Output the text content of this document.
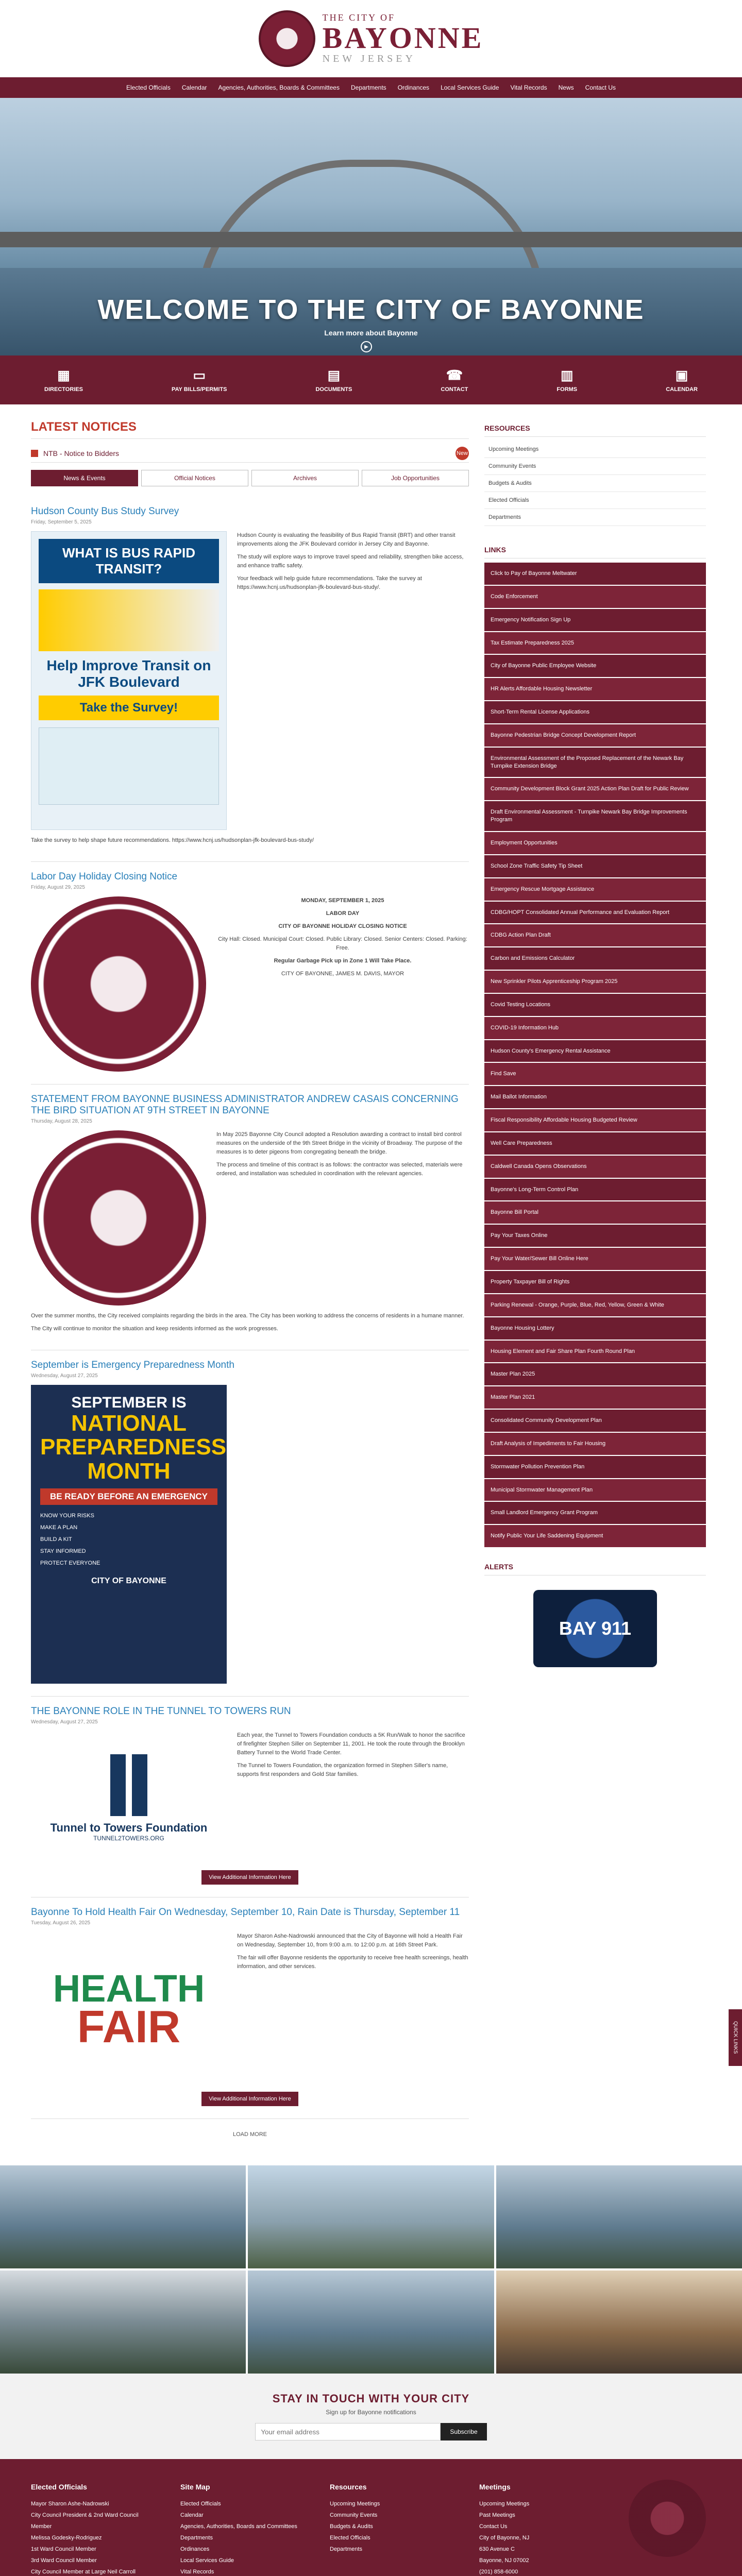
THE CITY OF
BAYONNE
NEW JERSEY
Elected Officials Calendar Agencies, Authorities, Boards & Committees Departments Ordinances Local Services Guide Vital Records News Contact Us
WELCOME TO THE CITY OF BAYONNE
Learn more about Bayonne
▶
▦
DIRECTORIES
▭
PAY BILLS/PERMITS
▤
DOCUMENTS
☎
CONTACT
▥
FORMS
▣
CALENDAR
LATEST NOTICES
NTB - Notice to Bidders	New
News & Events	Official Notices	Archives	Job Opportunities
Hudson County Bus Study Survey
Friday, September 5, 2025
WHAT IS BUS RAPID TRANSIT?
Help Improve Transit on JFK Boulevard
Take the Survey!

Hudson County is evaluating the feasibility of Bus Rapid Transit (BRT) and other transit improvements along the JFK Boulevard corridor in Jersey City and Bayonne.

The study will explore ways to improve travel speed and reliability, strengthen bike access, and enhance traffic safety.

Your feedback will help guide future recommendations. Take the survey at https://www.hcnj.us/hudsonplan-jfk-boulevard-bus-study/.

Take the survey to help shape future recommendations. https://www.hcnj.us/hudsonplan-jfk-boulevard-bus-study/

Labor Day Holiday Closing Notice
Friday, August 29, 2025

MONDAY, SEPTEMBER 1, 2025

LABOR DAY

CITY OF BAYONNE HOLIDAY CLOSING NOTICE

City Hall: Closed. Municipal Court: Closed. Public Library: Closed. Senior Centers: Closed. Parking: Free.

Regular Garbage Pick up in Zone 1 Will Take Place.

CITY OF BAYONNE, JAMES M. DAVIS, MAYOR

STATEMENT FROM BAYONNE BUSINESS ADMINISTRATOR ANDREW CASAIS CONCERNING THE BIRD SITUATION AT 9TH STREET IN BAYONNE
Thursday, August 28, 2025

In May 2025 Bayonne City Council adopted a Resolution awarding a contract to install bird control measures on the underside of the 9th Street Bridge in the vicinity of Broadway. The purpose of the measures is to deter pigeons from congregating beneath the bridge.

The process and timeline of this contract is as follows: the contractor was selected, materials were ordered, and installation was scheduled in coordination with the relevant agencies.

Over the summer months, the City received complaints regarding the birds in the area. The City has been working to address the concerns of residents in a humane manner.

The City will continue to monitor the situation and keep residents informed as the work progresses.

September is Emergency Preparedness Month
Wednesday, August 27, 2025
SEPTEMBER IS
NATIONAL PREPAREDNESS MONTH
BE READY BEFORE AN EMERGENCY
KNOW YOUR RISKS
MAKE A PLAN
BUILD A KIT
STAY INFORMED
PROTECT EVERYONE
CITY OF BAYONNE
THE BAYONNE ROLE IN THE TUNNEL TO TOWERS RUN
Wednesday, August 27, 2025
Tunnel to Towers Foundation
TUNNEL2TOWERS.ORG

Each year, the Tunnel to Towers Foundation conducts a 5K Run/Walk to honor the sacrifice of firefighter Stephen Siller on September 11, 2001. He took the route through the Brooklyn Battery Tunnel to the World Trade Center.

The Tunnel to Towers Foundation, the organization formed in Stephen Siller's name, supports first responders and Gold Star families.

View Additional Information Here
Bayonne To Hold Health Fair On Wednesday, September 10, Rain Date is Thursday, September 11
Tuesday, August 26, 2025
HEALTH
FAIR

Mayor Sharon Ashe-Nadrowski announced that the City of Bayonne will hold a Health Fair on Wednesday, September 10, from 9:00 a.m. to 12:00 p.m. at 16th Street Park.

The fair will offer Bayonne residents the opportunity to receive free health screenings, health information, and other services.

View Additional Information Here
LOAD MORE
RESOURCES
Upcoming Meetings
Community Events
Budgets & Audits
Elected Officials
Departments
LINKS
Click to Pay of Bayonne Meltwater
Code Enforcement
Emergency Notification Sign Up
Tax Estimate Preparedness 2025
City of Bayonne Public Employee Website
HR Alerts Affordable Housing Newsletter
Short-Term Rental License Applications
Bayonne Pedestrian Bridge Concept Development Report
Environmental Assessment of the Proposed Replacement of the Newark Bay Turnpike Extension Bridge
Community Development Block Grant 2025 Action Plan Draft for Public Review
Draft Environmental Assessment - Turnpike Newark Bay Bridge Improvements Program
Employment Opportunities
School Zone Traffic Safety Tip Sheet
Emergency Rescue Mortgage Assistance
CDBG/HOPT Consolidated Annual Performance and Evaluation Report
CDBG Action Plan Draft
Carbon and Emissions Calculator
New Sprinkler Pilots Apprenticeship Program 2025
Covid Testing Locations
COVID-19 Information Hub
Hudson County's Emergency Rental Assistance
Find Save
Mail Ballot Information
Fiscal Responsibility Affordable Housing Budgeted Review
Well Care Preparedness
Caldwell Canada Opens Observations
Bayonne's Long-Term Control Plan
Bayonne Bill Portal
Pay Your Taxes Online
Pay Your Water/Sewer Bill Online Here
Property Taxpayer Bill of Rights
Parking Renewal - Orange, Purple, Blue, Red, Yellow, Green & White
Bayonne Housing Lottery
Housing Element and Fair Share Plan Fourth Round Plan
Master Plan 2025
Master Plan 2021
Consolidated Community Development Plan
Draft Analysis of Impediments to Fair Housing
Stormwater Pollution Prevention Plan
Municipal Stormwater Management Plan
Small Landlord Emergency Grant Program
Notify Public Your Life Saddening Equipment
ALERTS
BAY 911
STAY IN TOUCH WITH YOUR CITY

Sign up for Bayonne notifications

Your email address
Subscribe
Elected Officials
Mayor Sharon Ashe-Nadrowski
City Council President & 2nd Ward Council Member
Melissa Godesky-Rodriguez
1st Ward Council Member
3rd Ward Council Member
City Council Member at Large Neil Carroll
Site Map
Elected Officials
Calendar
Agencies, Authorities, Boards and Committees
Departments
Ordinances
Local Services Guide
Vital Records
Resources
Upcoming Meetings
Community Events
Budgets & Audits
Elected Officials
Departments
Meetings
Upcoming Meetings
Past Meetings
Contact Us
City of Bayonne, NJ
630 Avenue C
Bayonne, NJ 07002
(201) 858-6000
QUICK LINKS
